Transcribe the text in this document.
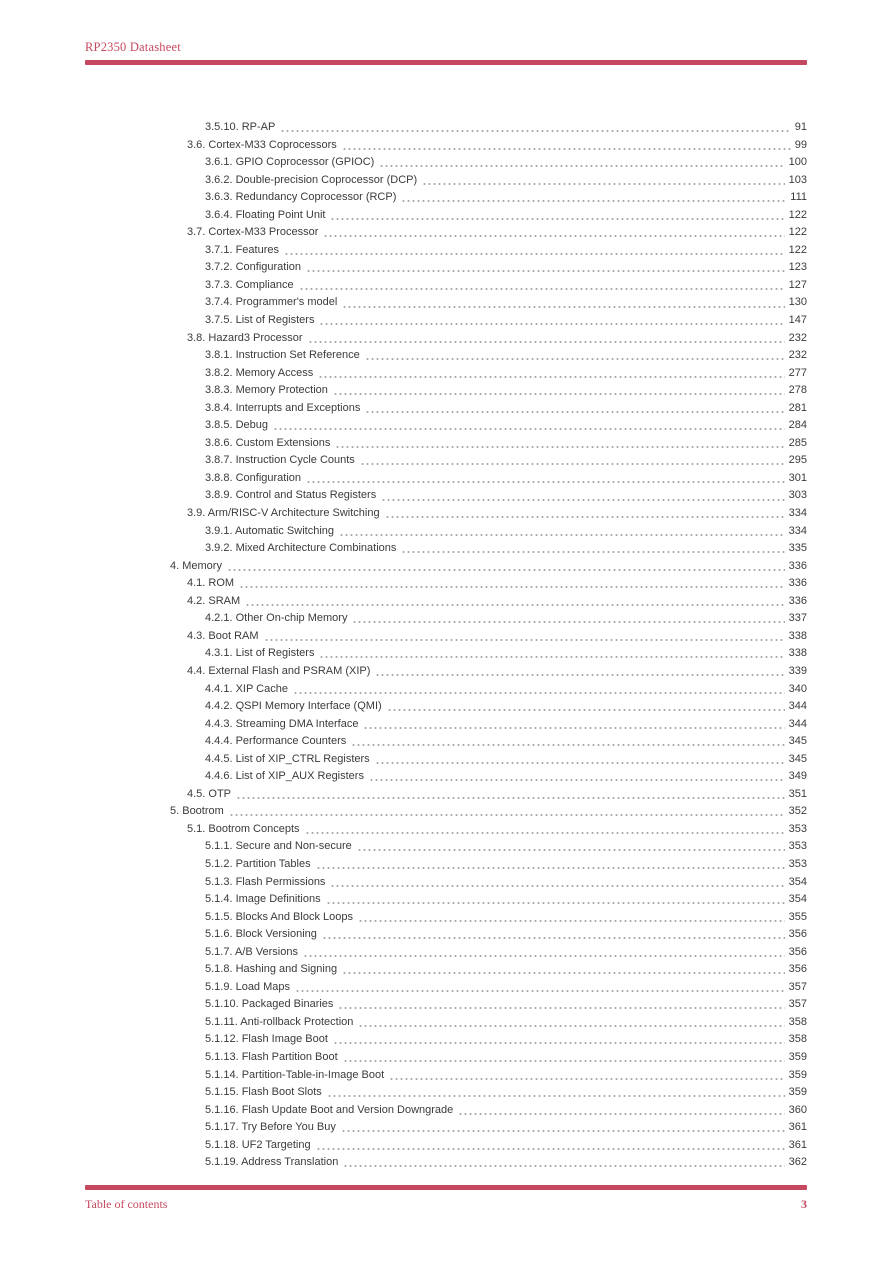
RP2350 Datasheet
3.5.10. RP-AP	91
3.6. Cortex-M33 Coprocessors	99
3.6.1. GPIO Coprocessor (GPIOC)	100
3.6.2. Double-precision Coprocessor (DCP)	103
3.6.3. Redundancy Coprocessor (RCP)	111
3.6.4. Floating Point Unit	122
3.7. Cortex-M33 Processor	122
3.7.1. Features	122
3.7.2. Configuration	123
3.7.3. Compliance	127
3.7.4. Programmer's model	130
3.7.5. List of Registers	147
3.8. Hazard3 Processor	232
3.8.1. Instruction Set Reference	232
3.8.2. Memory Access	277
3.8.3. Memory Protection	278
3.8.4. Interrupts and Exceptions	281
3.8.5. Debug	284
3.8.6. Custom Extensions	285
3.8.7. Instruction Cycle Counts	295
3.8.8. Configuration	301
3.8.9. Control and Status Registers	303
3.9. Arm/RISC-V Architecture Switching	334
3.9.1. Automatic Switching	334
3.9.2. Mixed Architecture Combinations	335
4. Memory	336
4.1. ROM	336
4.2. SRAM	336
4.2.1. Other On-chip Memory	337
4.3. Boot RAM	338
4.3.1. List of Registers	338
4.4. External Flash and PSRAM (XIP)	339
4.4.1. XIP Cache	340
4.4.2. QSPI Memory Interface (QMI)	344
4.4.3. Streaming DMA Interface	344
4.4.4. Performance Counters	345
4.4.5. List of XIP_CTRL Registers	345
4.4.6. List of XIP_AUX Registers	349
4.5. OTP	351
5. Bootrom	352
5.1. Bootrom Concepts	353
5.1.1. Secure and Non-secure	353
5.1.2. Partition Tables	353
5.1.3. Flash Permissions	354
5.1.4. Image Definitions	354
5.1.5. Blocks And Block Loops	355
5.1.6. Block Versioning	356
5.1.7. A/B Versions	356
5.1.8. Hashing and Signing	356
5.1.9. Load Maps	357
5.1.10. Packaged Binaries	357
5.1.11. Anti-rollback Protection	358
5.1.12. Flash Image Boot	358
5.1.13. Flash Partition Boot	359
5.1.14. Partition-Table-in-Image Boot	359
5.1.15. Flash Boot Slots	359
5.1.16. Flash Update Boot and Version Downgrade	360
5.1.17. Try Before You Buy	361
5.1.18. UF2 Targeting	361
5.1.19. Address Translation	362
Table of contents	3
